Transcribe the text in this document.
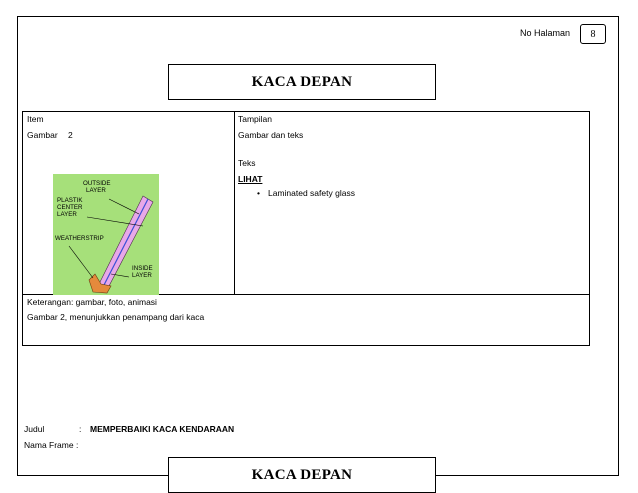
No Halaman 8
KACA DEPAN
Item
Gambar 2
OUTSIDE
LAYER
PLASTIK
CENTER
LAYER
WEATHERSTRIP
INSIDE
LAYER
Tampilan
Gambar dan teks
Teks
LIHAT
• Laminated safety glass
Keterangan: gambar, foto, animasi
Gambar 2, menunjukkan penampang dari kaca
Judul	: MEMPERBAIKI KACA KENDARAAN
Nama Frame :
KACA DEPAN
